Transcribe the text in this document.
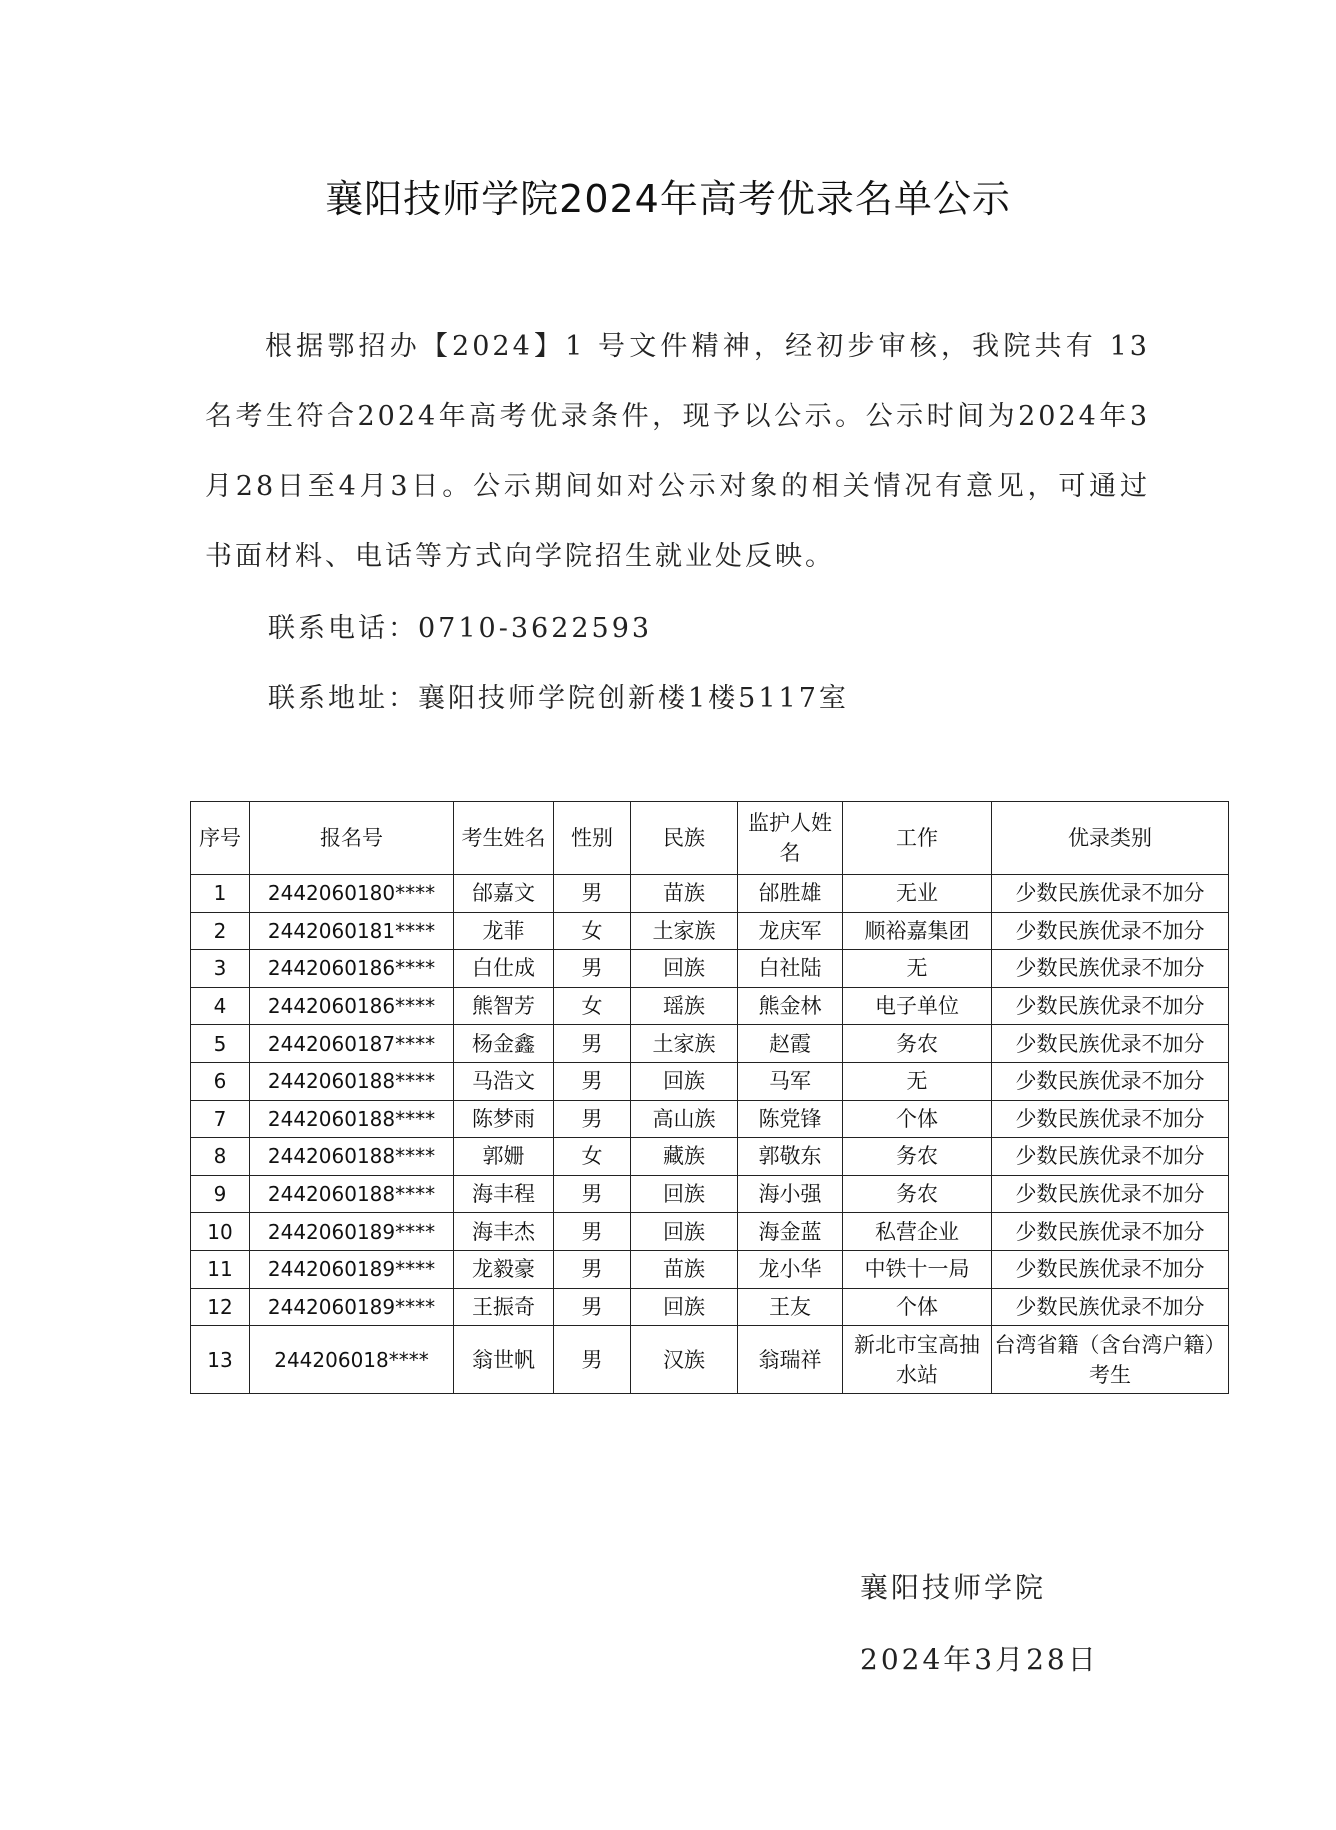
襄阳技师学院2024年高考优录名单公示
根据鄂招办【2024】1 号文件精神，经初步审核，我院共有 13 名考生符合2024年高考优录条件，现予以公示。公示时间为2024年3月28日至4月3日。公示期间如对公示对象的相关情况有意见，可通过书面材料、电话等方式向学院招生就业处反映。
联系电话：0710-3622593
联系地址：襄阳技师学院创新楼1楼5117室
序号	报名号	考生姓名	性别	民族	监护人姓名	工作	优录类别
1	2442060180****	邰嘉文	男	苗族	邰胜雄	无业	少数民族优录不加分
2	2442060181****	龙菲	女	土家族	龙庆军	顺裕嘉集团	少数民族优录不加分
3	2442060186****	白仕成	男	回族	白社陆	无	少数民族优录不加分
4	2442060186****	熊智芳	女	瑶族	熊金林	电子单位	少数民族优录不加分
5	2442060187****	杨金鑫	男	土家族	赵霞	务农	少数民族优录不加分
6	2442060188****	马浩文	男	回族	马军	无	少数民族优录不加分
7	2442060188****	陈梦雨	男	高山族	陈党锋	个体	少数民族优录不加分
8	2442060188****	郭姗	女	藏族	郭敬东	务农	少数民族优录不加分
9	2442060188****	海丰程	男	回族	海小强	务农	少数民族优录不加分
10	2442060189****	海丰杰	男	回族	海金蓝	私营企业	少数民族优录不加分
11	2442060189****	龙毅豪	男	苗族	龙小华	中铁十一局	少数民族优录不加分
12	2442060189****	王振奇	男	回族	王友	个体	少数民族优录不加分
13	244206018****	翁世帆	男	汉族	翁瑞祥	新北市宝高抽水站	台湾省籍（含台湾户籍）考生
襄阳技师学院
2024年3月28日
